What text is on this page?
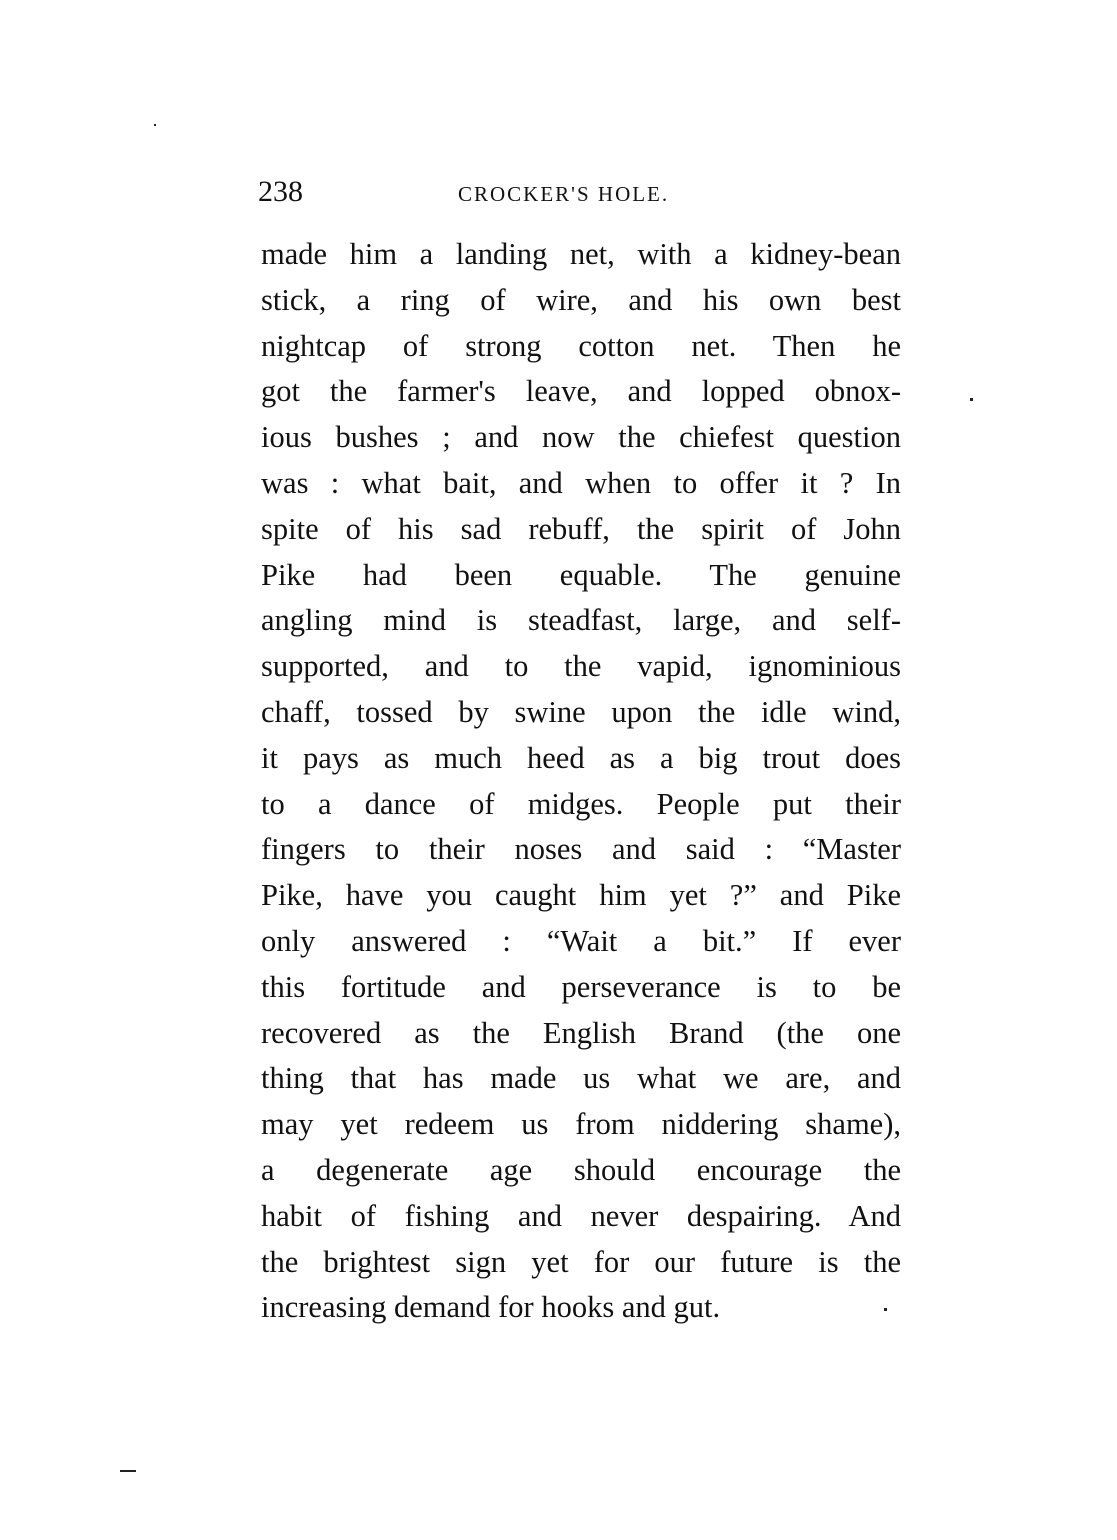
238	CROCKER'S HOLE.
made him a landing net, with a kidney-bean
stick, a ring of wire, and his own best
nightcap of strong cotton net. Then he
got the farmer's leave, and lopped obnox-
ious bushes ; and now the chiefest question
was : what bait, and when to offer it ? In
spite of his sad rebuff, the spirit of John
Pike had been equable. The genuine
angling mind is steadfast, large, and self-
supported, and to the vapid, ignominious
chaff, tossed by swine upon the idle wind,
it pays as much heed as a big trout does
to a dance of midges. People put their
fingers to their noses and said : “Master
Pike, have you caught him yet ?” and Pike
only answered : “Wait a bit.” If ever
this fortitude and perseverance is to be
recovered as the English Brand (the one
thing that has made us what we are, and
may yet redeem us from niddering shame),
a degenerate age should encourage the
habit of fishing and never despairing. And
the brightest sign yet for our future is the
increasing demand for hooks and gut.
